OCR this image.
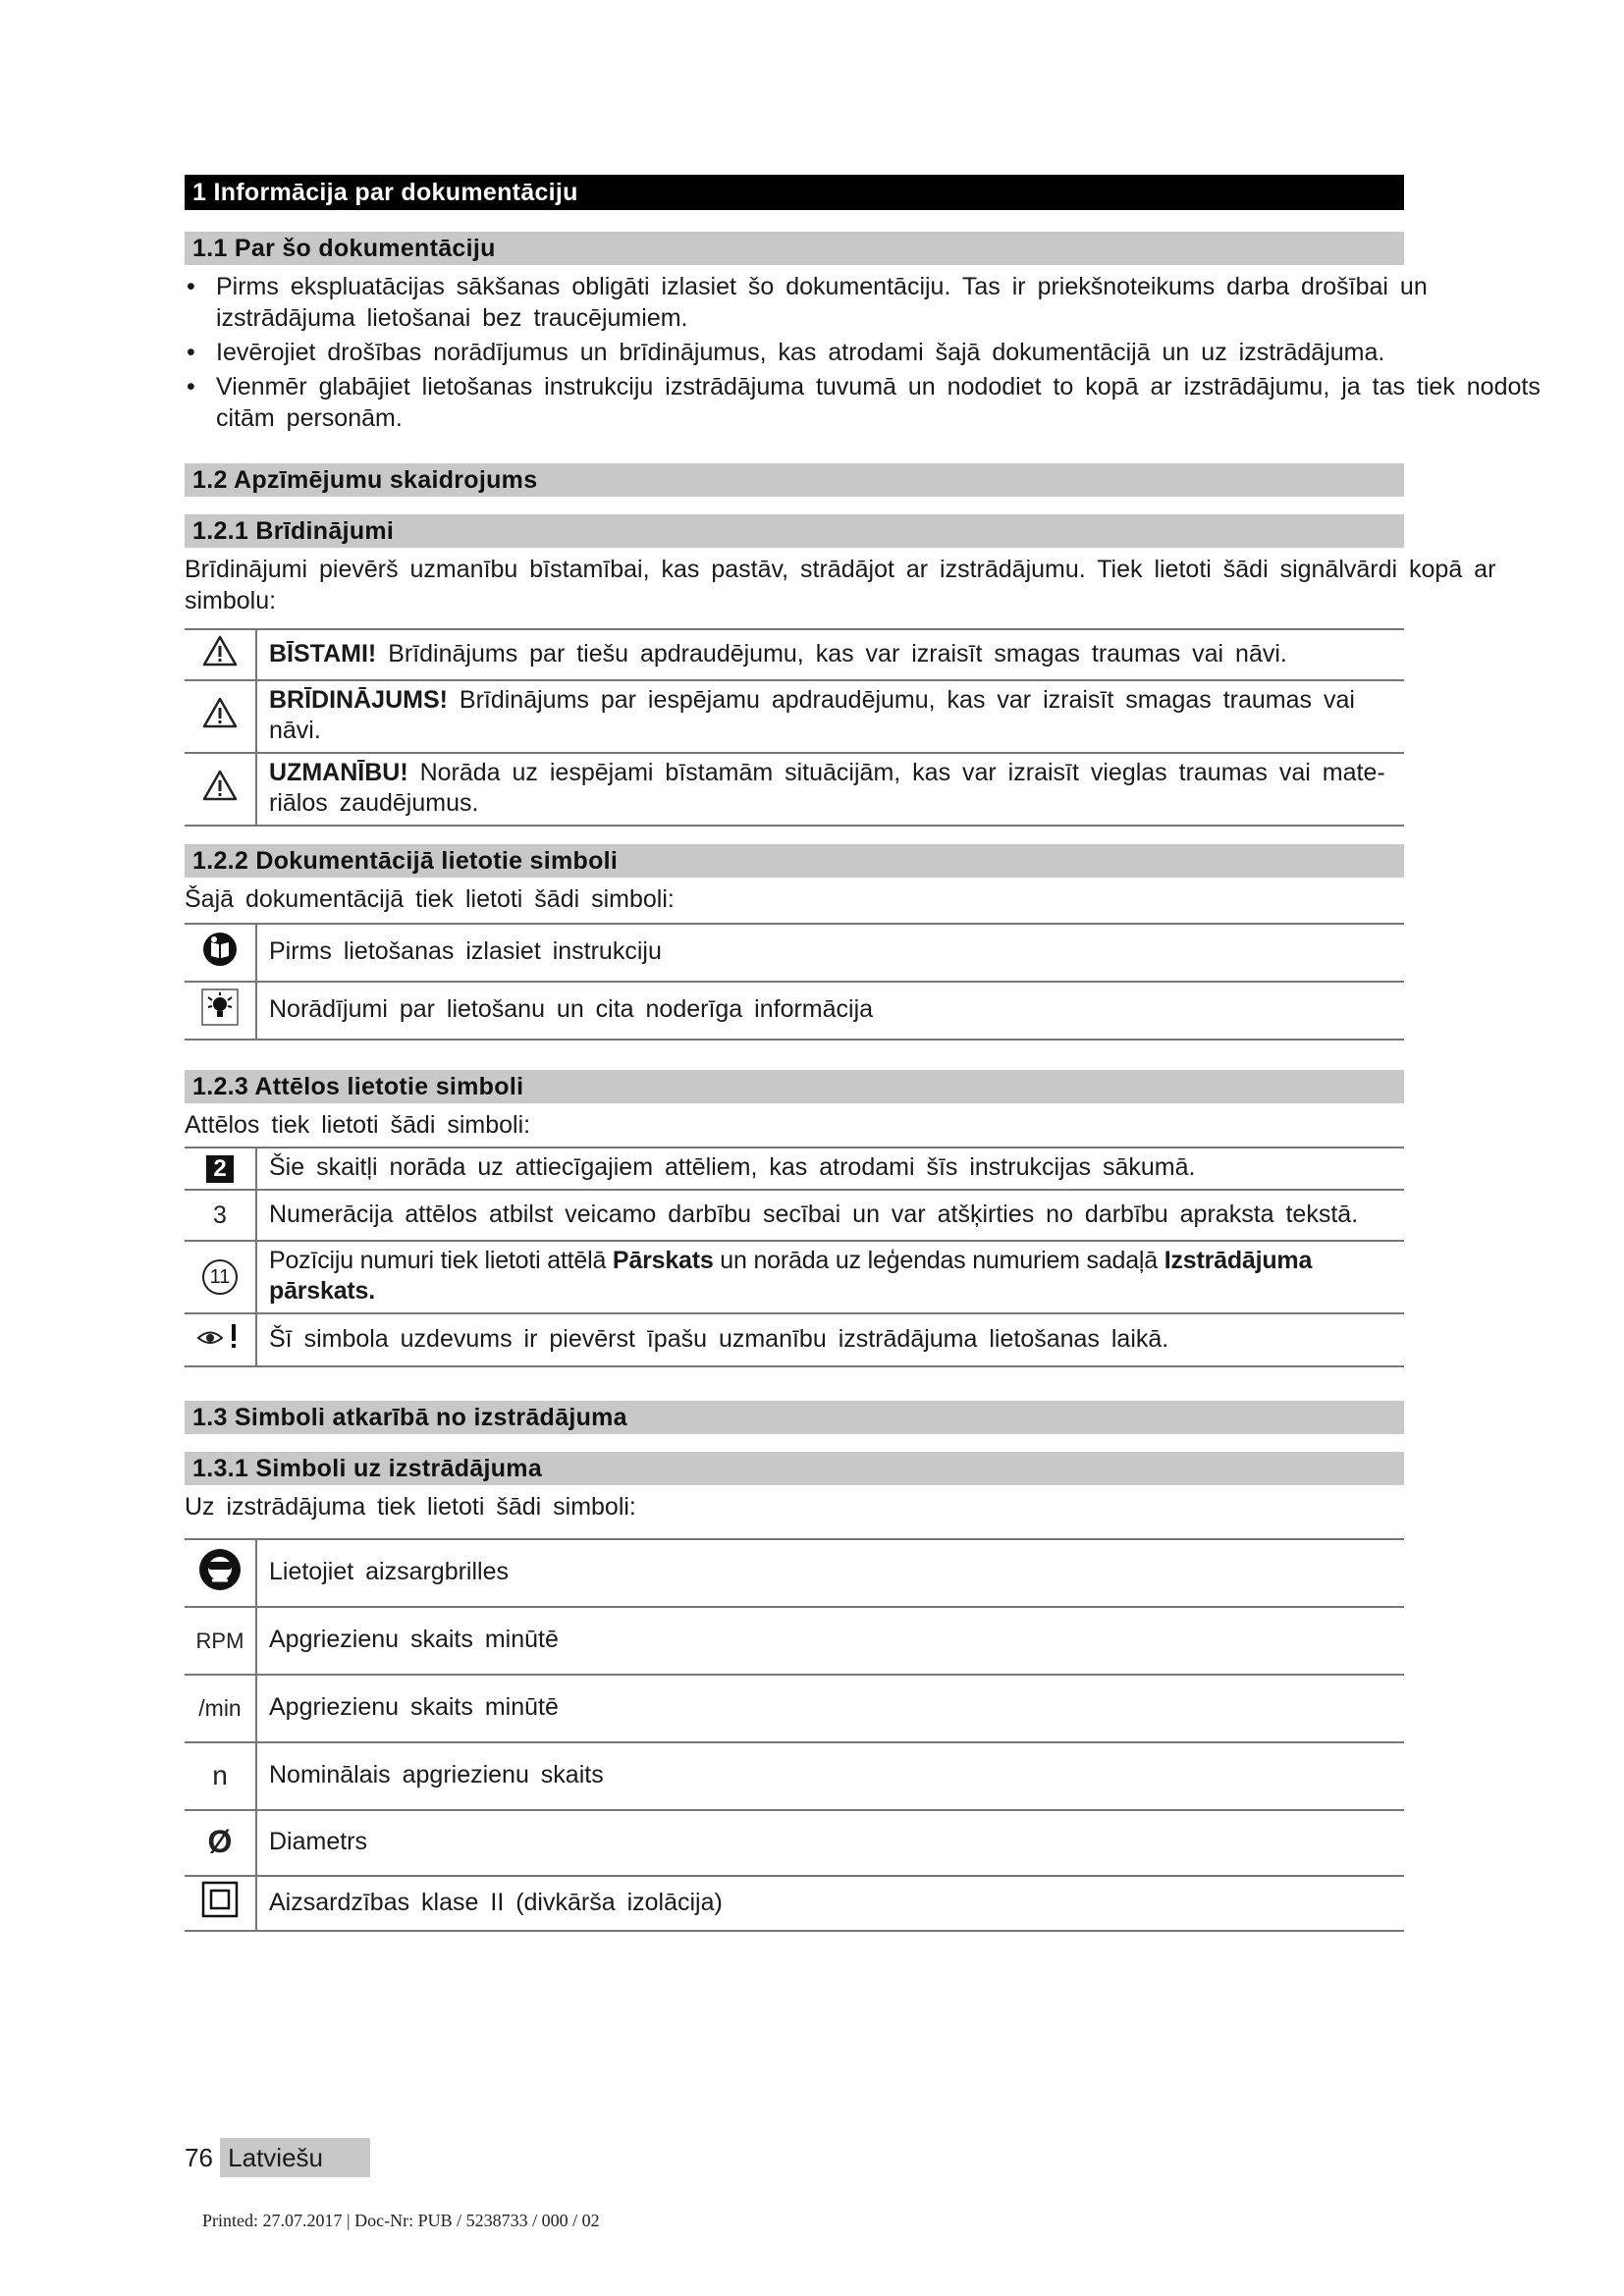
1 Informācija par dokumentāciju
1.1 Par šo dokumentāciju
• Pirms ekspluatācijas sākšanas obligāti izlasiet šo dokumentāciju. Tas ir priekšnoteikums darba drošībai un izstrādājuma lietošanai bez traucējumiem.
• Ievērojiet drošības norādījumus un brīdinājumus, kas atrodami šajā dokumentācijā un uz izstrādājuma.
• Vienmēr glabājiet lietošanas instrukciju izstrādājuma tuvumā un nododiet to kopā ar izstrādājumu, ja tas tiek nodots citām personām.
1.2 Apzīmējumu skaidrojums
1.2.1 Brīdinājumi
Brīdinājumi pievērš uzmanību bīstamībai, kas pastāv, strādājot ar izstrādājumu. Tiek lietoti šādi signālvārdi kopā ar simbolu:
	BĪSTAMI! Brīdinājums par tiešu apdraudējumu, kas var izraisīt smagas traumas vai nāvi.
	BRĪDINĀJUMS! Brīdinājums par iespējamu apdraudējumu, kas var izraisīt smagas traumas vai nāvi.
	UZMANĪBU! Norāda uz iespējami bīstamām situācijām, kas var izraisīt vieglas traumas vai mate-riālos zaudējumus.
1.2.2 Dokumentācijā lietotie simboli
Šajā dokumentācijā tiek lietoti šādi simboli:
	Pirms lietošanas izlasiet instrukciju
	Norādījumi par lietošanu un cita noderīga informācija
1.2.3 Attēlos lietotie simboli
Attēlos tiek lietoti šādi simboli:
2	Šie skaitļi norāda uz attiecīgajiem attēliem, kas atrodami šīs instrukcijas sākumā.
3	Numerācija attēlos atbilst veicamo darbību secībai un var atšķirties no darbību apraksta tekstā.
11	Pozīciju numuri tiek lietoti attēlā Pārskats un norāda uz leģendas numuriem sadaļā Izstrādājuma pārskats.
	Šī simbola uzdevums ir pievērst īpašu uzmanību izstrādājuma lietošanas laikā.
1.3 Simboli atkarībā no izstrādājuma
1.3.1 Simboli uz izstrādājuma
Uz izstrādājuma tiek lietoti šādi simboli:
	Lietojiet aizsargbrilles
RPM	Apgriezienu skaits minūtē
/min	Apgriezienu skaits minūtē
n	Nominālais apgriezienu skaits
Ø	Diametrs
	Aizsardzības klase II (divkārša izolācija)
76 Latviešu
Printed: 27.07.2017 | Doc-Nr: PUB / 5238733 / 000 / 02
